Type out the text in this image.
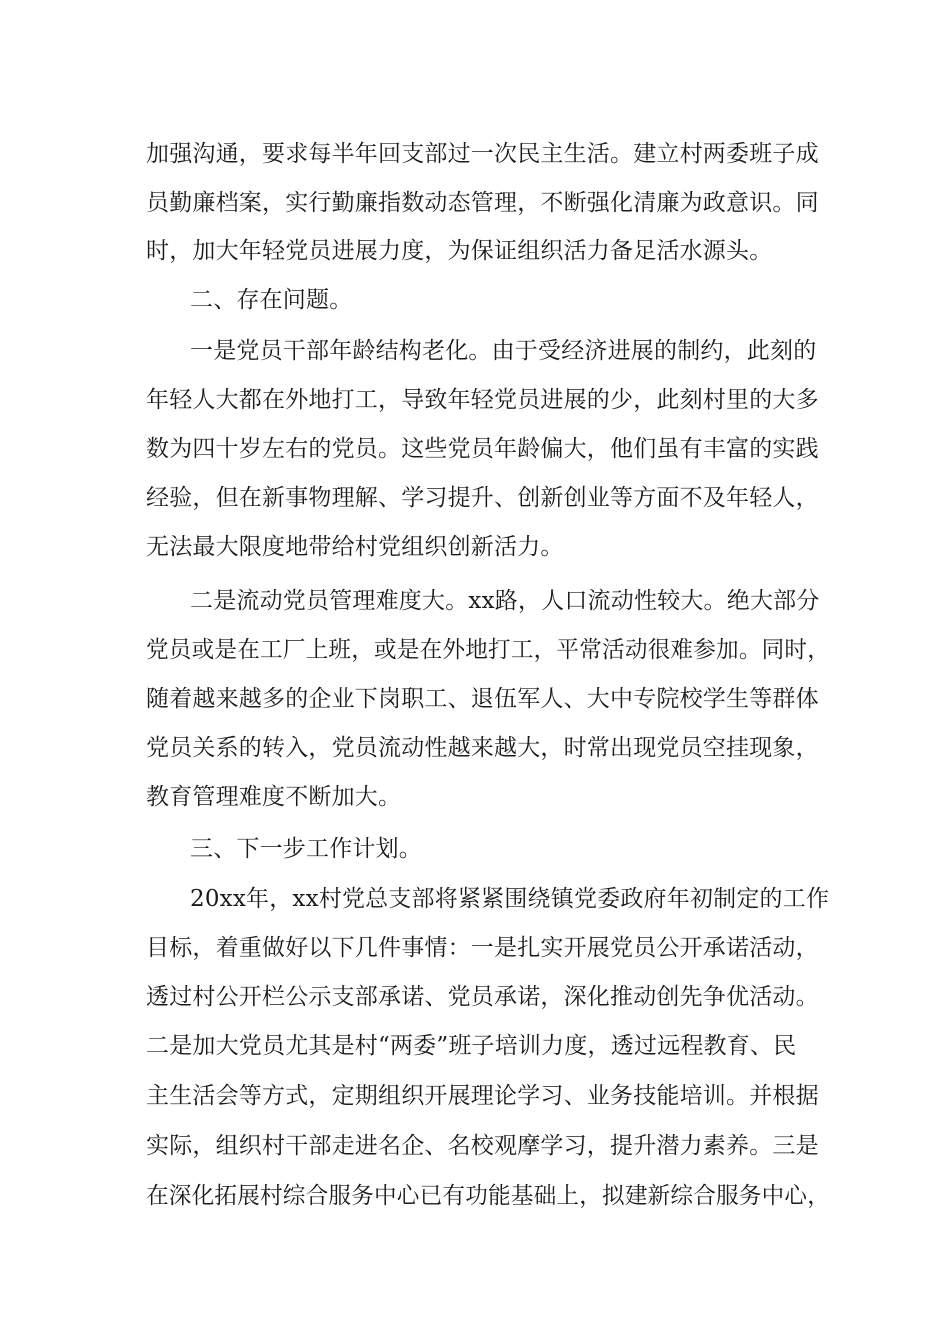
加强沟通，要求每半年回支部过一次民主生活。建立村两委班子成
员勤廉档案，实行勤廉指数动态管理，不断强化清廉为政意识。同
时，加大年轻党员进展力度，为保证组织活力备足活水源头。
二、存在问题。
一是党员干部年龄结构老化。由于受经济进展的制约，此刻的
年轻人大都在外地打工，导致年轻党员进展的少，此刻村里的大多
数为四十岁左右的党员。这些党员年龄偏大，他们虽有丰富的实践
经验，但在新事物理解、学习提升、创新创业等方面不及年轻人，
无法最大限度地带给村党组织创新活力。
二是流动党员管理难度大。xx路，人口流动性较大。绝大部分
党员或是在工厂上班，或是在外地打工，平常活动很难参加。同时，
随着越来越多的企业下岗职工、退伍军人、大中专院校学生等群体
党员关系的转入，党员流动性越来越大，时常出现党员空挂现象，
教育管理难度不断加大。
三、下一步工作计划。
20xx年，xx村党总支部将紧紧围绕镇党委政府年初制定的工作
目标，着重做好以下几件事情：一是扎实开展党员公开承诺活动，
透过村公开栏公示支部承诺、党员承诺，深化推动创先争优活动。
二是加大党员尤其是村“两委”班子培训力度，透过远程教育、民
主生活会等方式，定期组织开展理论学习、业务技能培训。并根据
实际，组织村干部走进名企、名校观摩学习，提升潜力素养。三是
在深化拓展村综合服务中心已有功能基础上，拟建新综合服务中心，
